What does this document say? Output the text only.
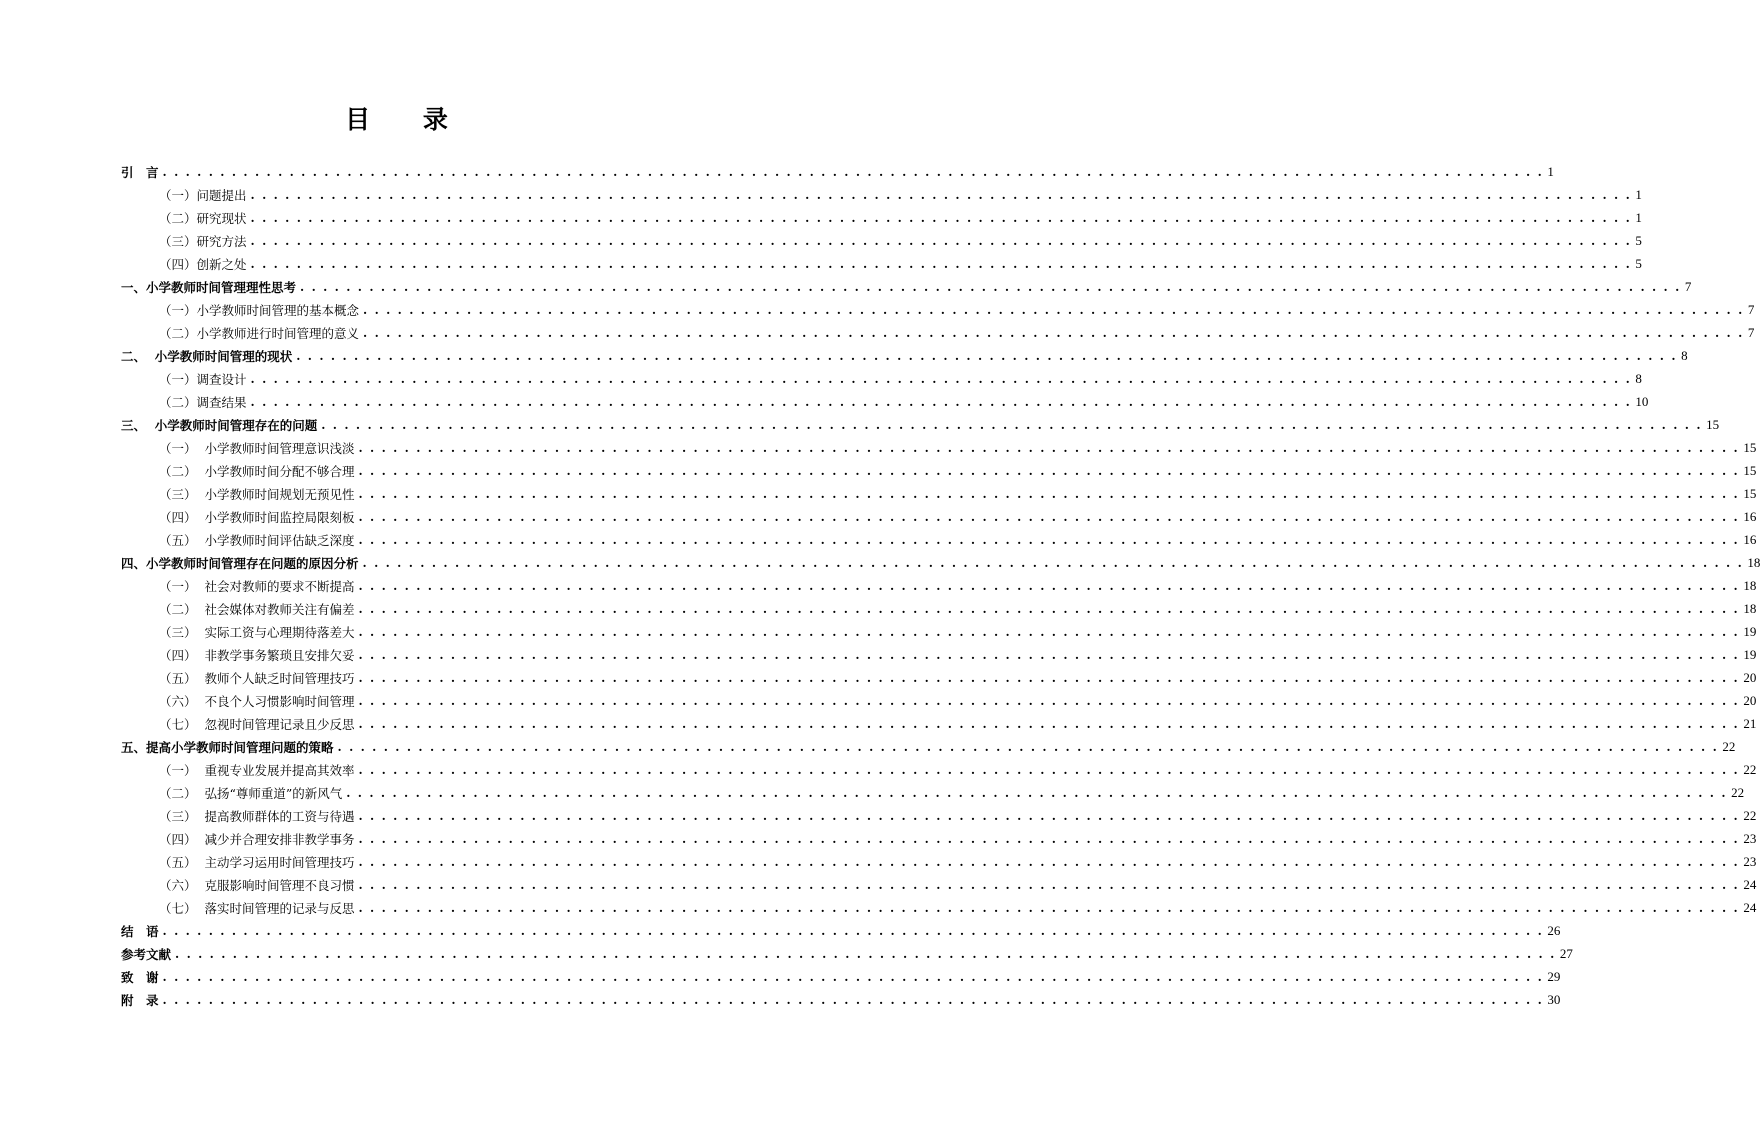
目 录
引　言 . . . . . . . . . . . . . . . . . . . . . . . . . . . . . . . . . . . . . . . . . . . . . . . . . . . . . . . . . . . . . . . . . . . . . . . . . . . . . . . . . . . . . . . . . . . . . . . . . . . . . . . . . . . . . . . . . . . . . . . . 1
（一）问题提出 . . . . . . . . . . . . . . . . . . . . . . . . . . . . . . . . . . . . . . . . . . . . . . . . . . . . . . . . . . . . . . . . . . . . . . . . . . . . . . . . . . . . . . . . . . . . . . . . . . . . . . . . . . . . . . . . . . . . . . . . 1
（二）研究现状 . . . . . . . . . . . . . . . . . . . . . . . . . . . . . . . . . . . . . . . . . . . . . . . . . . . . . . . . . . . . . . . . . . . . . . . . . . . . . . . . . . . . . . . . . . . . . . . . . . . . . . . . . . . . . . . . . . . . . . . . 1
（三）研究方法 . . . . . . . . . . . . . . . . . . . . . . . . . . . . . . . . . . . . . . . . . . . . . . . . . . . . . . . . . . . . . . . . . . . . . . . . . . . . . . . . . . . . . . . . . . . . . . . . . . . . . . . . . . . . . . . . . . . . . . . . 5
（四）创新之处 . . . . . . . . . . . . . . . . . . . . . . . . . . . . . . . . . . . . . . . . . . . . . . . . . . . . . . . . . . . . . . . . . . . . . . . . . . . . . . . . . . . . . . . . . . . . . . . . . . . . . . . . . . . . . . . . . . . . . . . . 5
一、小学教师时间管理理性思考 . . . . . . . . . . . . . . . . . . . . . . . . . . . . . . . . . . . . . . . . . . . . . . . . . . . . . . . . . . . . . . . . . . . . . . . . . . . . . . . . . . . . . . . . . . . . . . . . . . . . . . . . . . . . . . . . . . . . . . . . 7
（一）小学教师时间管理的基本概念 . . . . . . . . . . . . . . . . . . . . . . . . . . . . . . . . . . . . . . . . . . . . . . . . . . . . . . . . . . . . . . . . . . . . . . . . . . . . . . . . . . . . . . . . . . . . . . . . . . . . . . . . . . . . . . . . . . . . . . . . 7
（二）小学教师进行时间管理的意义 . . . . . . . . . . . . . . . . . . . . . . . . . . . . . . . . . . . . . . . . . . . . . . . . . . . . . . . . . . . . . . . . . . . . . . . . . . . . . . . . . . . . . . . . . . . . . . . . . . . . . . . . . . . . . . . . . . . . . . . . 7
二、  小学教师时间管理的现状 . . . . . . . . . . . . . . . . . . . . . . . . . . . . . . . . . . . . . . . . . . . . . . . . . . . . . . . . . . . . . . . . . . . . . . . . . . . . . . . . . . . . . . . . . . . . . . . . . . . . . . . . . . . . . . . . . . . . . . . . 8
（一）调查设计 . . . . . . . . . . . . . . . . . . . . . . . . . . . . . . . . . . . . . . . . . . . . . . . . . . . . . . . . . . . . . . . . . . . . . . . . . . . . . . . . . . . . . . . . . . . . . . . . . . . . . . . . . . . . . . . . . . . . . . . . 8
（二）调查结果 . . . . . . . . . . . . . . . . . . . . . . . . . . . . . . . . . . . . . . . . . . . . . . . . . . . . . . . . . . . . . . . . . . . . . . . . . . . . . . . . . . . . . . . . . . . . . . . . . . . . . . . . . . . . . . . . . . . . . . . . 10
三、  小学教师时间管理存在的问题 . . . . . . . . . . . . . . . . . . . . . . . . . . . . . . . . . . . . . . . . . . . . . . . . . . . . . . . . . . . . . . . . . . . . . . . . . . . . . . . . . . . . . . . . . . . . . . . . . . . . . . . . . . . . . . . . . . . . . . . . 15
（一）  小学教师时间管理意识浅淡 . . . . . . . . . . . . . . . . . . . . . . . . . . . . . . . . . . . . . . . . . . . . . . . . . . . . . . . . . . . . . . . . . . . . . . . . . . . . . . . . . . . . . . . . . . . . . . . . . . . . . . . . . . . . . . . . . . . . . . . . 15
（二）  小学教师时间分配不够合理 . . . . . . . . . . . . . . . . . . . . . . . . . . . . . . . . . . . . . . . . . . . . . . . . . . . . . . . . . . . . . . . . . . . . . . . . . . . . . . . . . . . . . . . . . . . . . . . . . . . . . . . . . . . . . . . . . . . . . . . . 15
（三）  小学教师时间规划无预见性 . . . . . . . . . . . . . . . . . . . . . . . . . . . . . . . . . . . . . . . . . . . . . . . . . . . . . . . . . . . . . . . . . . . . . . . . . . . . . . . . . . . . . . . . . . . . . . . . . . . . . . . . . . . . . . . . . . . . . . . . 15
（四）  小学教师时间监控局限刻板 . . . . . . . . . . . . . . . . . . . . . . . . . . . . . . . . . . . . . . . . . . . . . . . . . . . . . . . . . . . . . . . . . . . . . . . . . . . . . . . . . . . . . . . . . . . . . . . . . . . . . . . . . . . . . . . . . . . . . . . . 16
（五）  小学教师时间评估缺乏深度 . . . . . . . . . . . . . . . . . . . . . . . . . . . . . . . . . . . . . . . . . . . . . . . . . . . . . . . . . . . . . . . . . . . . . . . . . . . . . . . . . . . . . . . . . . . . . . . . . . . . . . . . . . . . . . . . . . . . . . . . 16
四、小学教师时间管理存在问题的原因分析 . . . . . . . . . . . . . . . . . . . . . . . . . . . . . . . . . . . . . . . . . . . . . . . . . . . . . . . . . . . . . . . . . . . . . . . . . . . . . . . . . . . . . . . . . . . . . . . . . . . . . . . . . . . . . . . . . . . . . . . . 18
（一）  社会对教师的要求不断提高 . . . . . . . . . . . . . . . . . . . . . . . . . . . . . . . . . . . . . . . . . . . . . . . . . . . . . . . . . . . . . . . . . . . . . . . . . . . . . . . . . . . . . . . . . . . . . . . . . . . . . . . . . . . . . . . . . . . . . . . . 18
（二）  社会媒体对教师关注有偏差 . . . . . . . . . . . . . . . . . . . . . . . . . . . . . . . . . . . . . . . . . . . . . . . . . . . . . . . . . . . . . . . . . . . . . . . . . . . . . . . . . . . . . . . . . . . . . . . . . . . . . . . . . . . . . . . . . . . . . . . . 18
（三）  实际工资与心理期待落差大 . . . . . . . . . . . . . . . . . . . . . . . . . . . . . . . . . . . . . . . . . . . . . . . . . . . . . . . . . . . . . . . . . . . . . . . . . . . . . . . . . . . . . . . . . . . . . . . . . . . . . . . . . . . . . . . . . . . . . . . . 19
（四）  非教学事务繁琐且安排欠妥 . . . . . . . . . . . . . . . . . . . . . . . . . . . . . . . . . . . . . . . . . . . . . . . . . . . . . . . . . . . . . . . . . . . . . . . . . . . . . . . . . . . . . . . . . . . . . . . . . . . . . . . . . . . . . . . . . . . . . . . . 19
（五）  教师个人缺乏时间管理技巧 . . . . . . . . . . . . . . . . . . . . . . . . . . . . . . . . . . . . . . . . . . . . . . . . . . . . . . . . . . . . . . . . . . . . . . . . . . . . . . . . . . . . . . . . . . . . . . . . . . . . . . . . . . . . . . . . . . . . . . . . 20
（六）  不良个人习惯影响时间管理 . . . . . . . . . . . . . . . . . . . . . . . . . . . . . . . . . . . . . . . . . . . . . . . . . . . . . . . . . . . . . . . . . . . . . . . . . . . . . . . . . . . . . . . . . . . . . . . . . . . . . . . . . . . . . . . . . . . . . . . . 20
（七）  忽视时间管理记录且少反思 . . . . . . . . . . . . . . . . . . . . . . . . . . . . . . . . . . . . . . . . . . . . . . . . . . . . . . . . . . . . . . . . . . . . . . . . . . . . . . . . . . . . . . . . . . . . . . . . . . . . . . . . . . . . . . . . . . . . . . . . 21
五、提高小学教师时间管理问题的策略 . . . . . . . . . . . . . . . . . . . . . . . . . . . . . . . . . . . . . . . . . . . . . . . . . . . . . . . . . . . . . . . . . . . . . . . . . . . . . . . . . . . . . . . . . . . . . . . . . . . . . . . . . . . . . . . . . . . . . . . . 22
（一）  重视专业发展并提高其效率 . . . . . . . . . . . . . . . . . . . . . . . . . . . . . . . . . . . . . . . . . . . . . . . . . . . . . . . . . . . . . . . . . . . . . . . . . . . . . . . . . . . . . . . . . . . . . . . . . . . . . . . . . . . . . . . . . . . . . . . . 22
（二）  弘扬“尊师重道”的新风气 . . . . . . . . . . . . . . . . . . . . . . . . . . . . . . . . . . . . . . . . . . . . . . . . . . . . . . . . . . . . . . . . . . . . . . . . . . . . . . . . . . . . . . . . . . . . . . . . . . . . . . . . . . . . . . . . . . . . . . . . 22
（三）  提高教师群体的工资与待遇 . . . . . . . . . . . . . . . . . . . . . . . . . . . . . . . . . . . . . . . . . . . . . . . . . . . . . . . . . . . . . . . . . . . . . . . . . . . . . . . . . . . . . . . . . . . . . . . . . . . . . . . . . . . . . . . . . . . . . . . . 22
（四）  减少并合理安排非教学事务 . . . . . . . . . . . . . . . . . . . . . . . . . . . . . . . . . . . . . . . . . . . . . . . . . . . . . . . . . . . . . . . . . . . . . . . . . . . . . . . . . . . . . . . . . . . . . . . . . . . . . . . . . . . . . . . . . . . . . . . . 23
（五）  主动学习运用时间管理技巧 . . . . . . . . . . . . . . . . . . . . . . . . . . . . . . . . . . . . . . . . . . . . . . . . . . . . . . . . . . . . . . . . . . . . . . . . . . . . . . . . . . . . . . . . . . . . . . . . . . . . . . . . . . . . . . . . . . . . . . . . 23
（六）  克服影响时间管理不良习惯 . . . . . . . . . . . . . . . . . . . . . . . . . . . . . . . . . . . . . . . . . . . . . . . . . . . . . . . . . . . . . . . . . . . . . . . . . . . . . . . . . . . . . . . . . . . . . . . . . . . . . . . . . . . . . . . . . . . . . . . . 24
（七）  落实时间管理的记录与反思 . . . . . . . . . . . . . . . . . . . . . . . . . . . . . . . . . . . . . . . . . . . . . . . . . . . . . . . . . . . . . . . . . . . . . . . . . . . . . . . . . . . . . . . . . . . . . . . . . . . . . . . . . . . . . . . . . . . . . . . . 24
结　语 . . . . . . . . . . . . . . . . . . . . . . . . . . . . . . . . . . . . . . . . . . . . . . . . . . . . . . . . . . . . . . . . . . . . . . . . . . . . . . . . . . . . . . . . . . . . . . . . . . . . . . . . . . . . . . . . . . . . . . . . 26
参考文献 . . . . . . . . . . . . . . . . . . . . . . . . . . . . . . . . . . . . . . . . . . . . . . . . . . . . . . . . . . . . . . . . . . . . . . . . . . . . . . . . . . . . . . . . . . . . . . . . . . . . . . . . . . . . . . . . . . . . . . . . 27
致　谢 . . . . . . . . . . . . . . . . . . . . . . . . . . . . . . . . . . . . . . . . . . . . . . . . . . . . . . . . . . . . . . . . . . . . . . . . . . . . . . . . . . . . . . . . . . . . . . . . . . . . . . . . . . . . . . . . . . . . . . . . 29
附　录 . . . . . . . . . . . . . . . . . . . . . . . . . . . . . . . . . . . . . . . . . . . . . . . . . . . . . . . . . . . . . . . . . . . . . . . . . . . . . . . . . . . . . . . . . . . . . . . . . . . . . . . . . . . . . . . . . . . . . . . . 30
